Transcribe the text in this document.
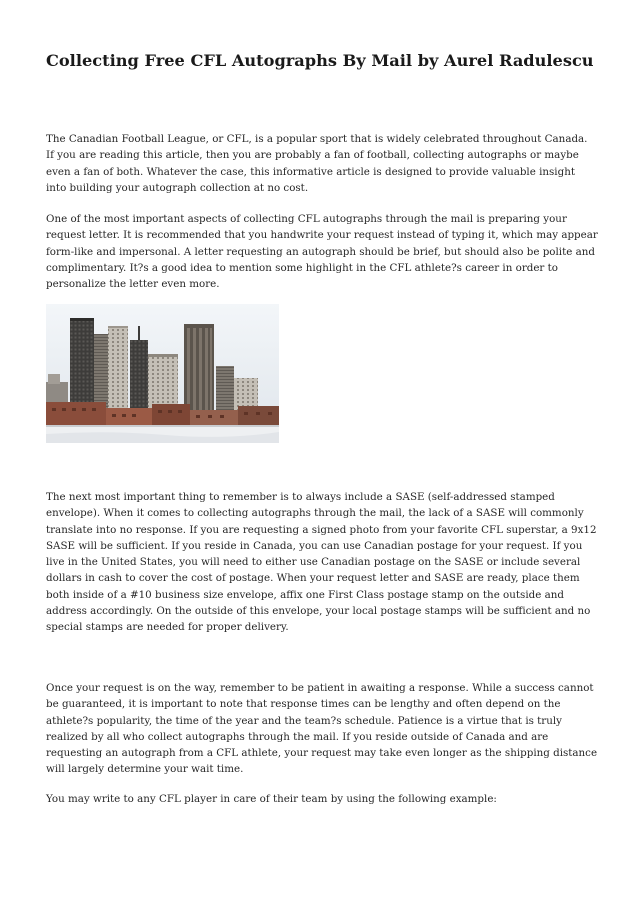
Collecting Free CFL Autographs By Mail by Aurel Radulescu

The Canadian Football League, or CFL, is a popular sport that is widely celebrated throughout Canada. If you are reading this article, then you are probably a fan of football, collecting autographs or maybe even a fan of both. Whatever the case, this informative article is designed to provide valuable insight into building your autograph collection at no cost.

One of the most important aspects of collecting CFL autographs through the mail is preparing your request letter. It is recommended that you handwrite your request instead of typing it, which may appear form-like and impersonal. A letter requesting an autograph should be brief, but should also be polite and complimentary. It?s a good idea to mention some highlight in the CFL athlete?s career in order to personalize the letter even more.

The next most important thing to remember is to always include a SASE (self-addressed stamped envelope). When it comes to collecting autographs through the mail, the lack of a SASE will commonly translate into no response. If you are requesting a signed photo from your favorite CFL superstar, a 9x12 SASE will be sufficient. If you reside in Canada, you can use Canadian postage for your request. If you live in the United States, you will need to either use Canadian postage on the SASE or include several dollars in cash to cover the cost of postage. When your request letter and SASE are ready, place them both inside of a #10 business size envelope, affix one First Class postage stamp on the outside and address accordingly. On the outside of this envelope, your local postage stamps will be sufficient and no special stamps are needed for proper delivery.

Once your request is on the way, remember to be patient in awaiting a response. While a success cannot be guaranteed, it is important to note that response times can be lengthy and often depend on the athlete?s popularity, the time of the year and the team?s schedule. Patience is a virtue that is truly realized by all who collect autographs through the mail. If you reside outside of Canada and are requesting an autograph from a CFL athlete, your request may take even longer as the shipping distance will largely determine your wait time.

You may write to any CFL player in care of their team by using the following example:
